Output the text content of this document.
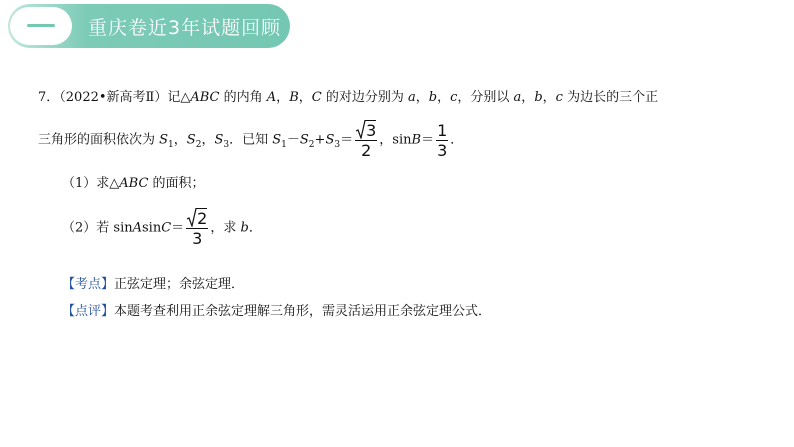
重庆卷近3年试题回顾
7．（2022•新高考Ⅱ）记△ABC 的内角 A，B，C 的对边分别为 a，b，c，分别以 a，b，c 为边长的三个正
三角形的面积依次为 $S_1$，$S_2$，$S_3$．已知 $S_1-S_2+S_3= \frac{3}{2}$ ，$\sin B= \frac{1}{3}$ ．
（1）求△ABC 的面积；
（2）若 sinAsinC＝ $\frac{2}{3}$ ，求 b．
【考点】正弦定理；余弦定理．
【点评】本题考查利用正余弦定理解三角形，需灵活运用正余弦定理公式．
